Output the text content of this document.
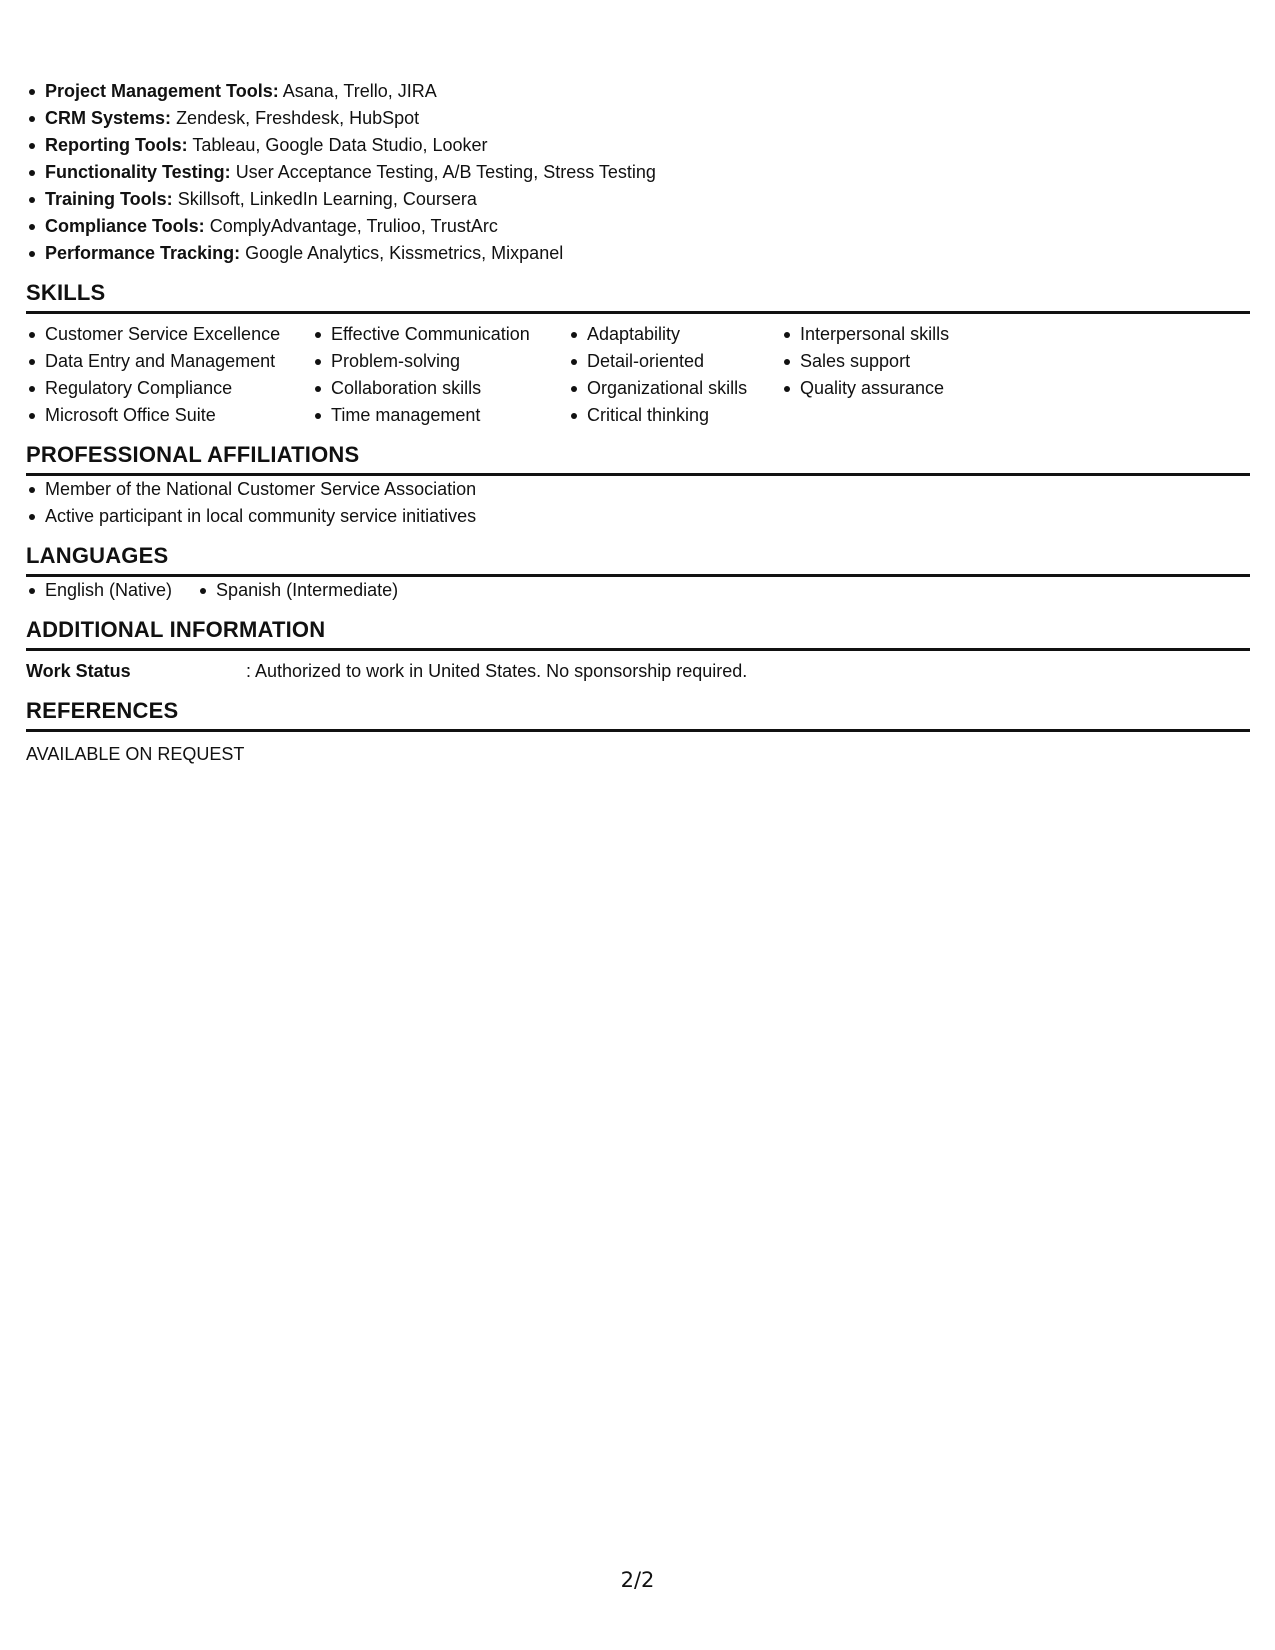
Project Management Tools: Asana, Trello, JIRA
CRM Systems: Zendesk, Freshdesk, HubSpot
Reporting Tools: Tableau, Google Data Studio, Looker
Functionality Testing: User Acceptance Testing, A/B Testing, Stress Testing
Training Tools: Skillsoft, LinkedIn Learning, Coursera
Compliance Tools: ComplyAdvantage, Trulioo, TrustArc
Performance Tracking: Google Analytics, Kissmetrics, Mixpanel
SKILLS
Customer Service Excellence
Data Entry and Management
Regulatory Compliance
Microsoft Office Suite
Effective Communication
Problem-solving
Collaboration skills
Time management
Adaptability
Detail-oriented
Organizational skills
Critical thinking
Interpersonal skills
Sales support
Quality assurance
PROFESSIONAL AFFILIATIONS
Member of the National Customer Service Association
Active participant in local community service initiatives
LANGUAGES
English (Native)	Spanish (Intermediate)
ADDITIONAL INFORMATION
Work Status	: Authorized to work in United States. No sponsorship required.
REFERENCES
AVAILABLE ON REQUEST
2/2
